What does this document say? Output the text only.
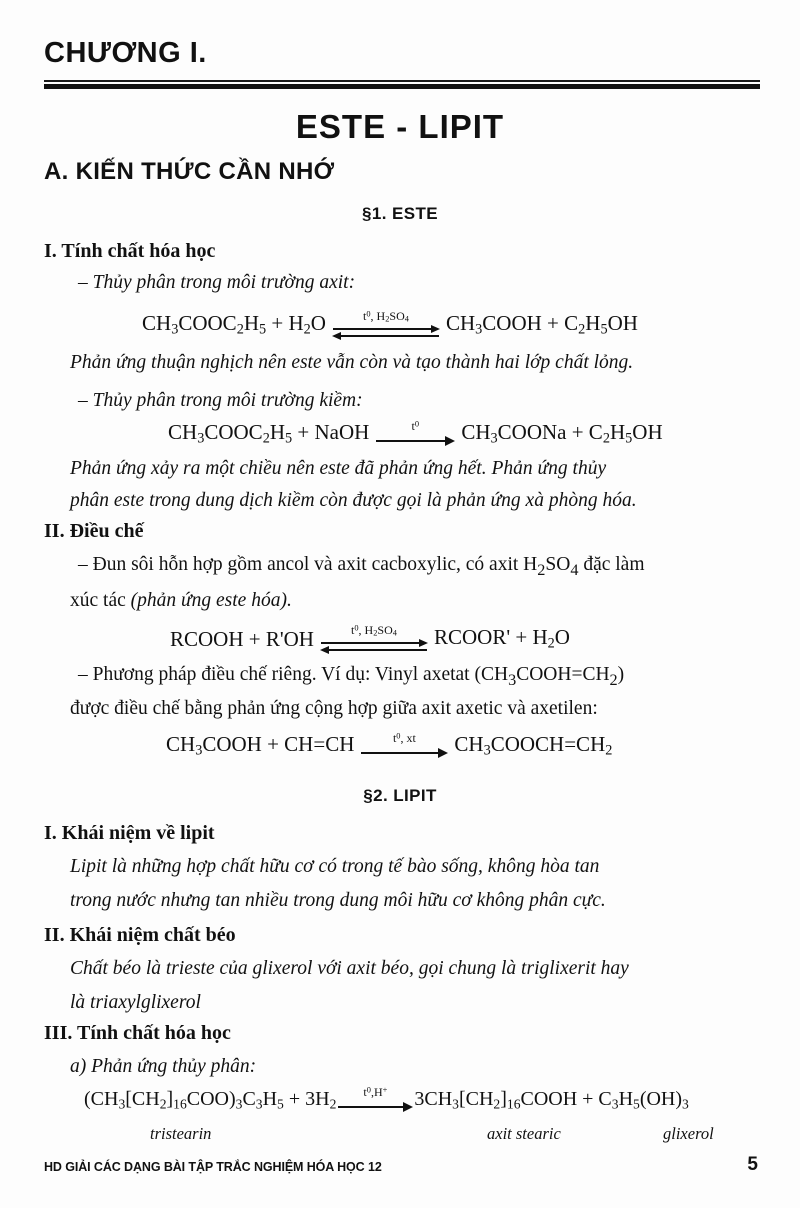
CHƯƠNG I.
ESTE - LIPIT
A. KIẾN THỨC CẦN NHỚ
§1. ESTE
I. Tính chất hóa học
– Thủy phân trong môi trường axit:
$CH_3COOC_2H_5 + H_2O$	$t^0$, $H_2SO_4$ $CH_3COOH + C_2H_5OH$
Phản ứng thuận nghịch nên este vẫn còn và tạo thành hai lớp chất lỏng.
– Thủy phân trong môi trường kiềm:
$CH_3COOC_2H_5$ + NaOH	$t^0$ $CH_3COONa + C_2H_5OH$
Phản ứng xảy ra một chiều nên este đã phản ứng hết. Phản ứng thủy
phân este trong dung dịch kiềm còn được gọi là phản ứng xà phòng hóa.
II. Điều chế
– Đun sôi hỗn hợp gồm ancol và axit cacboxylic, có axit $H_2SO_4$ đặc làm
xúc tác (phản ứng este hóa).
RCOOH + R'OH	$t^0$, $H_2SO_4$ RCOOR' + $H_2O$
– Phương pháp điều chế riêng. Ví dụ: Vinyl axetat $(CH_3COOH=CH_2)$
được điều chế bằng phản ứng cộng hợp giữa axit axetic và axetilen:
$CH_3COOH + CH=CH$	$t^0$, xt $CH_3COOCH=CH_2$
§2. LIPIT
I. Khái niệm về lipit
Lipit là những hợp chất hữu cơ có trong tế bào sống, không hòa tan
trong nước nhưng tan nhiều trong dung môi hữu cơ không phân cực.
II. Khái niệm chất béo
Chất béo là trieste của glixerol với axit béo, gọi chung là triglixerit hay
là triaxylglixerol
III. Tính chất hóa học
a) Phản ứng thủy phân:
$(CH_3[CH_2]_{16}COO)_3C_3H_5 + 3H_2$
$t^0,H^+$ $3CH_3[CH_2]_{16}COOH + C_3H_5(OH)_3$
tristearin	axit stearic	glixerol
HD GIẢI CÁC DẠNG BÀI TẬP TRẮC NGHIỆM HÓA HỌC 12	5
